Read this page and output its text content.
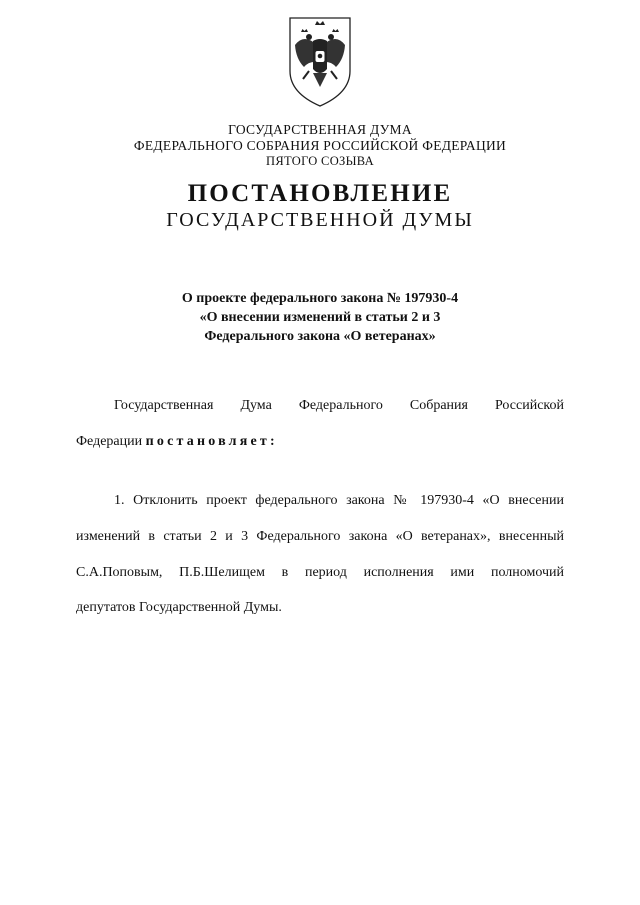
ГОСУДАРСТВЕННАЯ ДУМА
ФЕДЕРАЛЬНОГО СОБРАНИЯ РОССИЙСКОЙ ФЕДЕРАЦИИ
ПЯТОГО СОЗЫВА
ПОСТАНОВЛЕНИЕ
ГОСУДАРСТВЕННОЙ ДУМЫ
О проекте федерального закона № 197930-4
«О внесении изменений в статьи 2 и 3
Федерального закона «О ветеранах»
Государственная Дума Федерального Собрания Российской
Федерации постановляет:
1. Отклонить проект федерального закона № 197930-4 «О внесении
изменений в статьи 2 и 3 Федерального закона «О ветеранах», внесенный
С.А.Поповым, П.Б.Шелищем в период исполнения ими полномочий
депутатов Государственной Думы.
